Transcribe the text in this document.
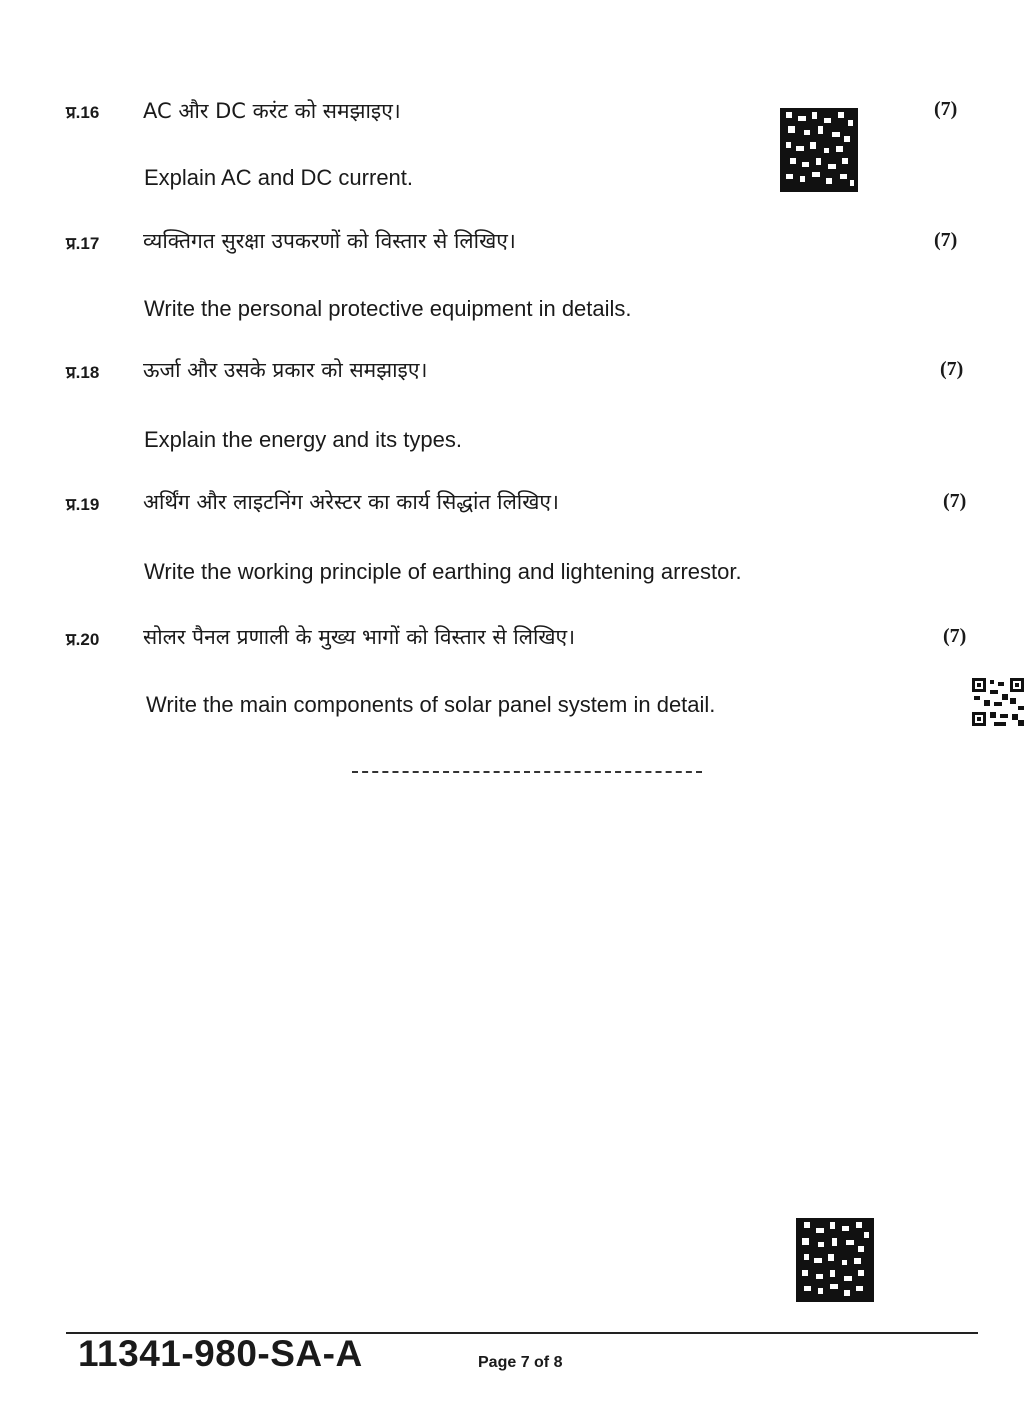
प्र.16 AC और DC करंट को समझाइए।
Explain AC and DC current.
(7)
प्र.17 व्यक्तिगत सुरक्षा उपकरणों को विस्तार से लिखिए।
Write the personal protective equipment in details.
(7)
प्र.18 ऊर्जा और उसके प्रकार को समझाइए।
Explain the energy and its types.
(7)
प्र.19 अर्थिंग और लाइटनिंग अरेस्टर का कार्य सिद्धांत लिखिए।
Write the working principle of earthing and lightening arrestor.
(7)
प्र.20 सोलर पैनल प्रणाली के मुख्य भागों को विस्तार से लिखिए।
Write the main components of solar panel system in detail.
(7)
11341-980-SA-A	Page 7 of 8
